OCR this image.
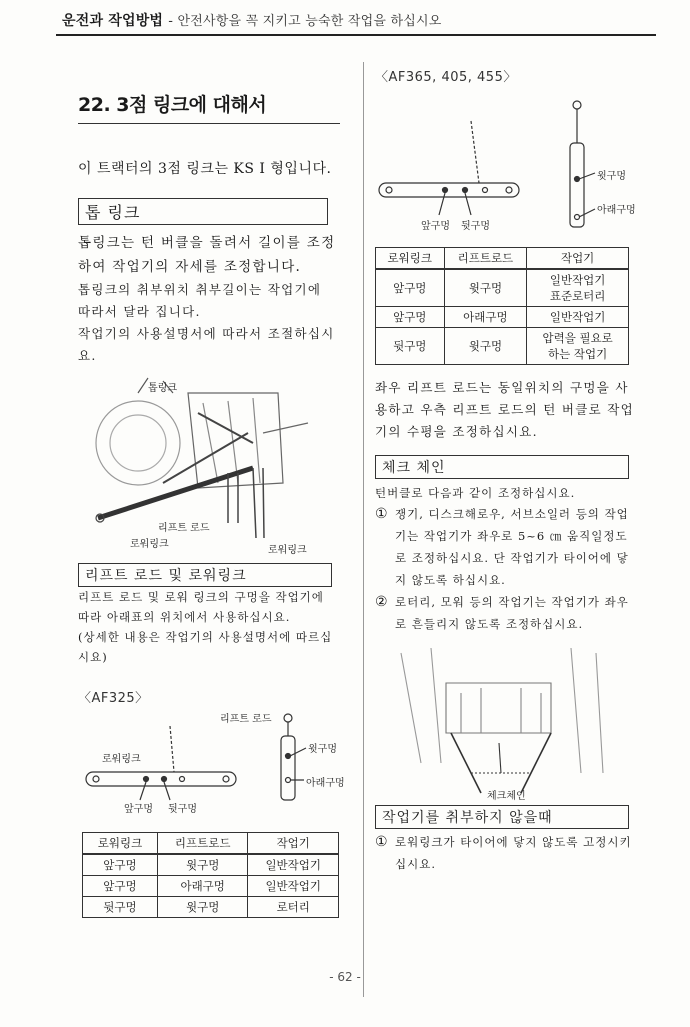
운전과 작업방법 - 안전사항을 꼭 지키고 능숙한 작업을 하십시오
22. 3점 링크에 대해서
이 트랙터의 3점 링크는 KS I 형입니다.
톱 링크
톱링크는 턴 버클을 돌려서 길이를 조정하여 작업기의 자세를 조정합니다.
톱링크의 취부위치 취부길이는 작업기에 따라서 달라 집니다.
작업기의 사용설명서에 따라서 조절하십시요.
톱링크
리프트 로드
로워링크
로워링크
리프트 로드 및 로워링크
리프트 로드 및 로워 링크의 구멍을 작업기에 따라 아래표의 위치에서 사용하십시요.
(상세한 내용은 작업기의 사용설명서에 따르십시요)
〈AF325〉
리프트 로드
로워링크
윗구멍
아래구멍
앞구멍 뒷구멍
로워링크	리프트로드	작업기
앞구멍	윗구멍	일반작업기
앞구멍	아래구멍	일반작업기
뒷구멍	윗구멍	로터리
〈AF365, 405, 455〉
윗구멍
아래구멍
앞구멍 뒷구멍
로워링크	리프트로드	작업기
앞구멍	윗구멍	일반작업기
표준로터리
앞구멍	아래구멍	일반작업기
뒷구멍	윗구멍	압력을 필요로
하는 작업기
좌우 리프트 로드는 동일위치의 구멍을 사용하고 우측 리프트 로드의 턴 버클로 작업기의 수평을 조정하십시요.
체크 체인
턴버클로 다음과 같이 조정하십시요.
① 쟁기, 디스크해로우, 서브소일러 등의 작업기는 작업기가 좌우로 5~6 ㎝ 움직일정도로 조정하십시요. 단 작업기가 타이어에 닿지 않도록 하십시요.
② 로터리, 모워 등의 작업기는 작업기가 좌우로 흔들리지 않도록 조정하십시요.
체크체인
작업기를 취부하지 않을때
① 로워링크가 타이어에 닿지 않도록 고정시키십시요.
- 62 -
